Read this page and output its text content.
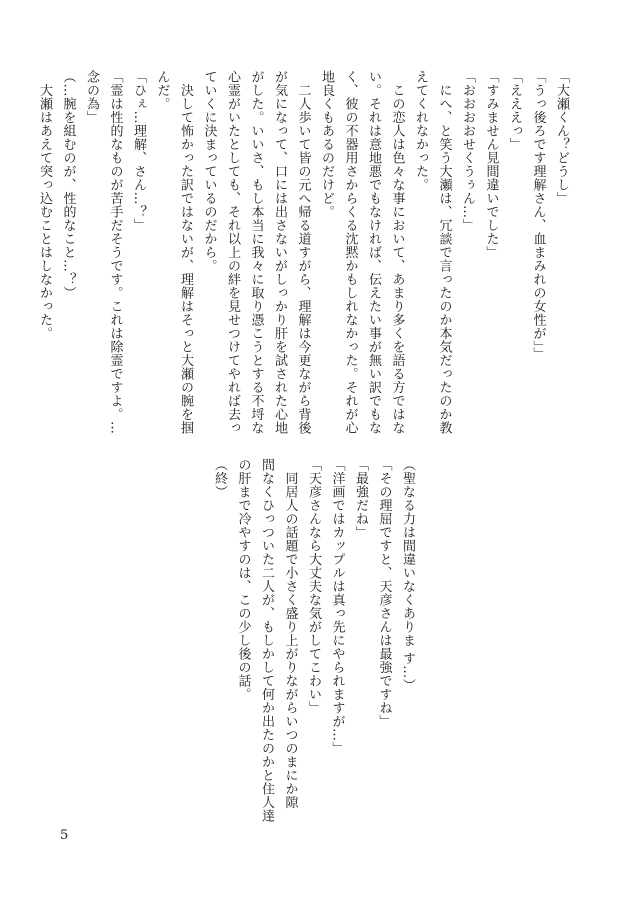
「大瀬くん？どうし」
「うっ後ろです理解さん、血まみれの女性が」」
「えええっ」
「すみません見間違いでした」
「おおおおせくうぅん…」
　にへ、と笑う大瀬は、冗談で言ったのか本気だったのか教
えてくれなかった。
　この恋人は色々な事において、あまり多くを語る方ではな
い。それは意地悪でもなければ、伝えたい事が無い訳でもな
く、彼の不器用さからくる沈黙かもしれなかった。それが心
地良くもあるのだけど。
　二人歩いて皆の元へ帰る道すがら、理解は今更ながら背後
が気になって、口には出さないがしっかり肝を試された心地
がした。いいさ、もし本当に我々に取り憑こうとする不埒な
心霊がいたとしても、それ以上の絆を見せつけてやれば去っ
ていくに決まっているのだから。
　決して怖かった訳ではないが、理解はそっと大瀬の腕を掴
んだ。
「ひぇ…理解、さん…？」
「霊は性的なものが苦手だそうです。これは除霊ですよ。…
念の為」
（…腕を組むのが、性的なこと…？）
　大瀬はあえて突っ込むことはしなかった。
（聖なる力は間違いなくありま す…）
「その理屈ですと、天彦さんは最強ですね」
「最強だね」
「洋画ではカップルは真っ先にやられますが…」
「天彦さんなら大丈夫な気がしてこわい」
　同居人の話題で小さく盛り上がりながらいつのまにか隙
間なくひっついた二人が、もしかして何か出たのかと住人達
の肝まで冷やすのは、この少し後の話。
（終）
5
